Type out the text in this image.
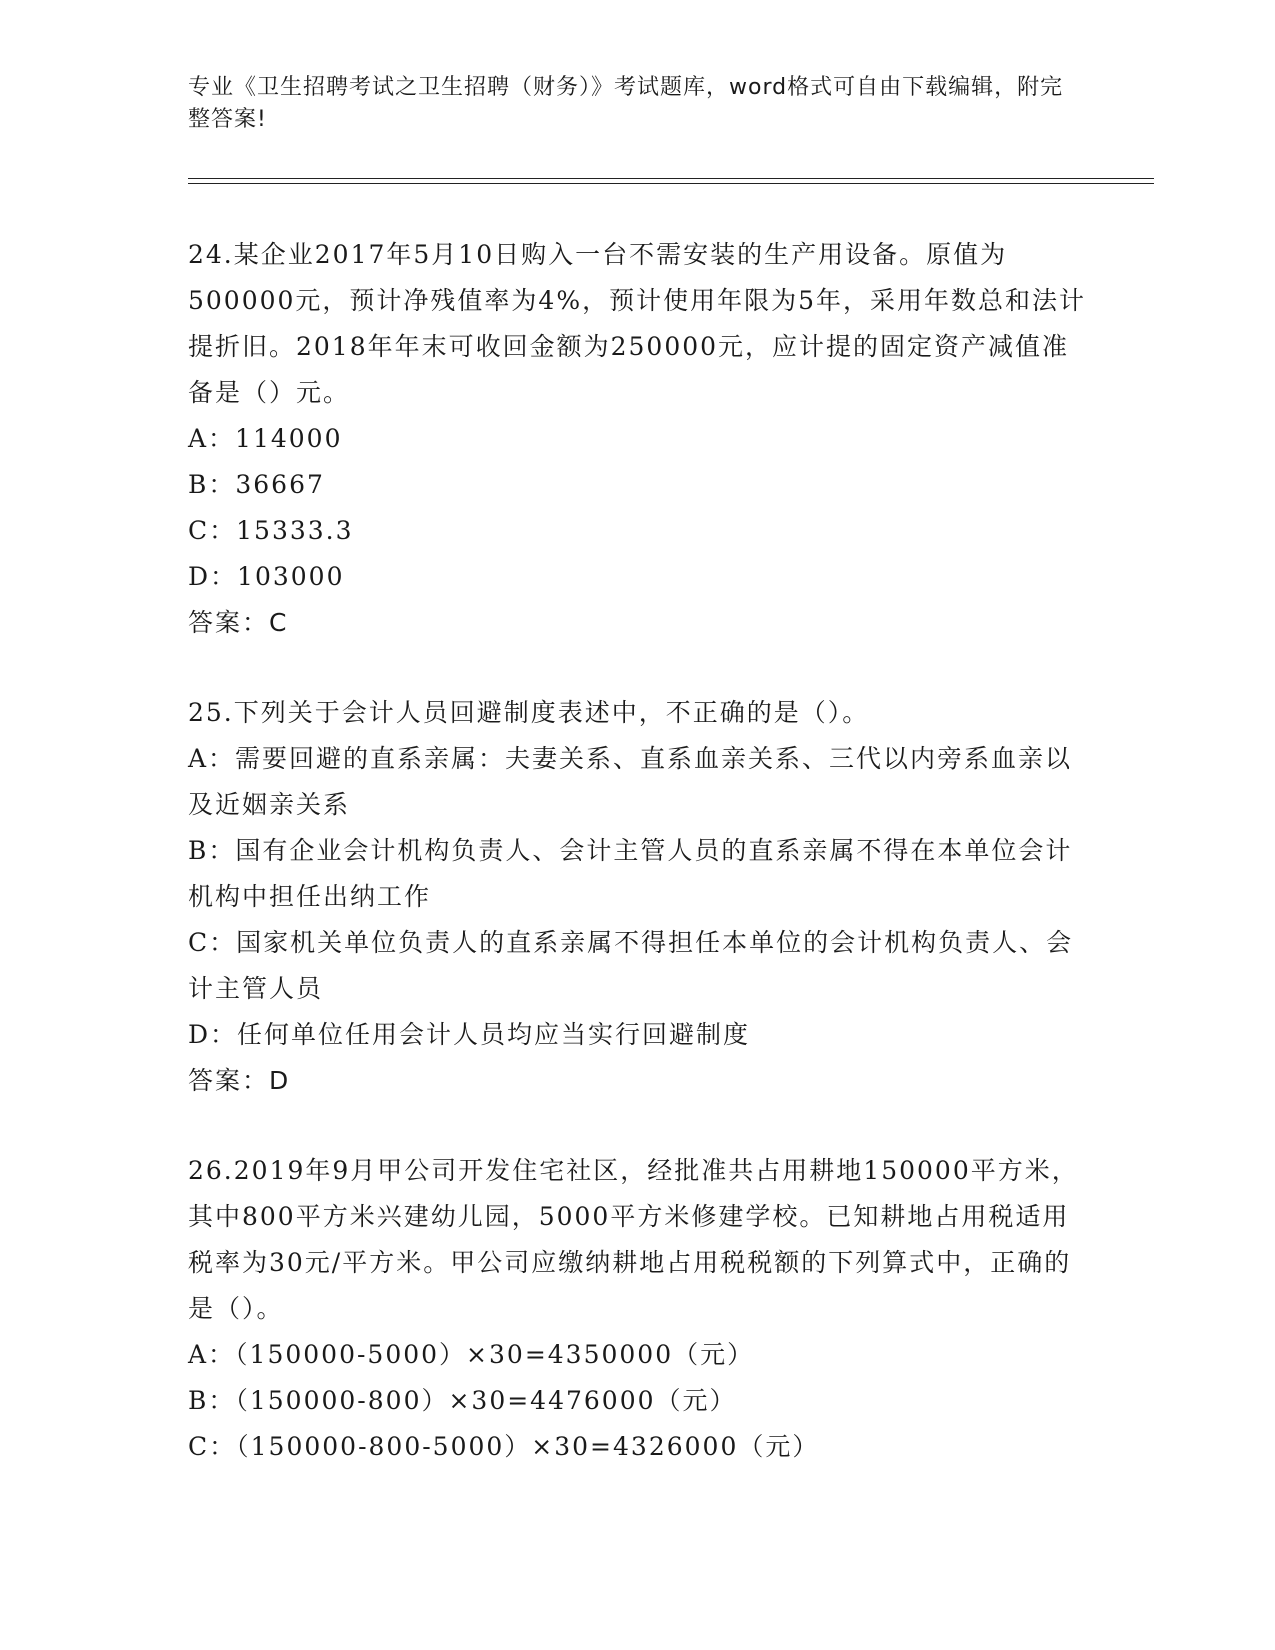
专业《卫生招聘考试之卫生招聘（财务）》考试题库，word格式可自由下载编辑，附完整答案!

24.某企业2017年5月10日购入一台不需安装的生产用设备。原值为500000元，预计净残值率为4%，预计使用年限为5年，采用年数总和法计提折旧。2018年年末可收回金额为250000元，应计提的固定资产减值准备是（）元。

A：114000

B：36667

C：15333.3

D：103000

答案：C

25.下列关于会计人员回避制度表述中，不正确的是（）。

A：需要回避的直系亲属：夫妻关系、直系血亲关系、三代以内旁系血亲以及近姻亲关系

B：国有企业会计机构负责人、会计主管人员的直系亲属不得在本单位会计机构中担任出纳工作

C：国家机关单位负责人的直系亲属不得担任本单位的会计机构负责人、会计主管人员

D：任何单位任用会计人员均应当实行回避制度

答案：D

26.2019年9月甲公司开发住宅社区，经批准共占用耕地150000平方米，其中800平方米兴建幼儿园，5000平方米修建学校。已知耕地占用税适用税率为30元/平方米。甲公司应缴纳耕地占用税税额的下列算式中，正确的是（）。

A：（150000-5000）×30=4350000（元）

B：（150000-800）×30=4476000（元）

C：（150000-800-5000）×30=4326000（元）
